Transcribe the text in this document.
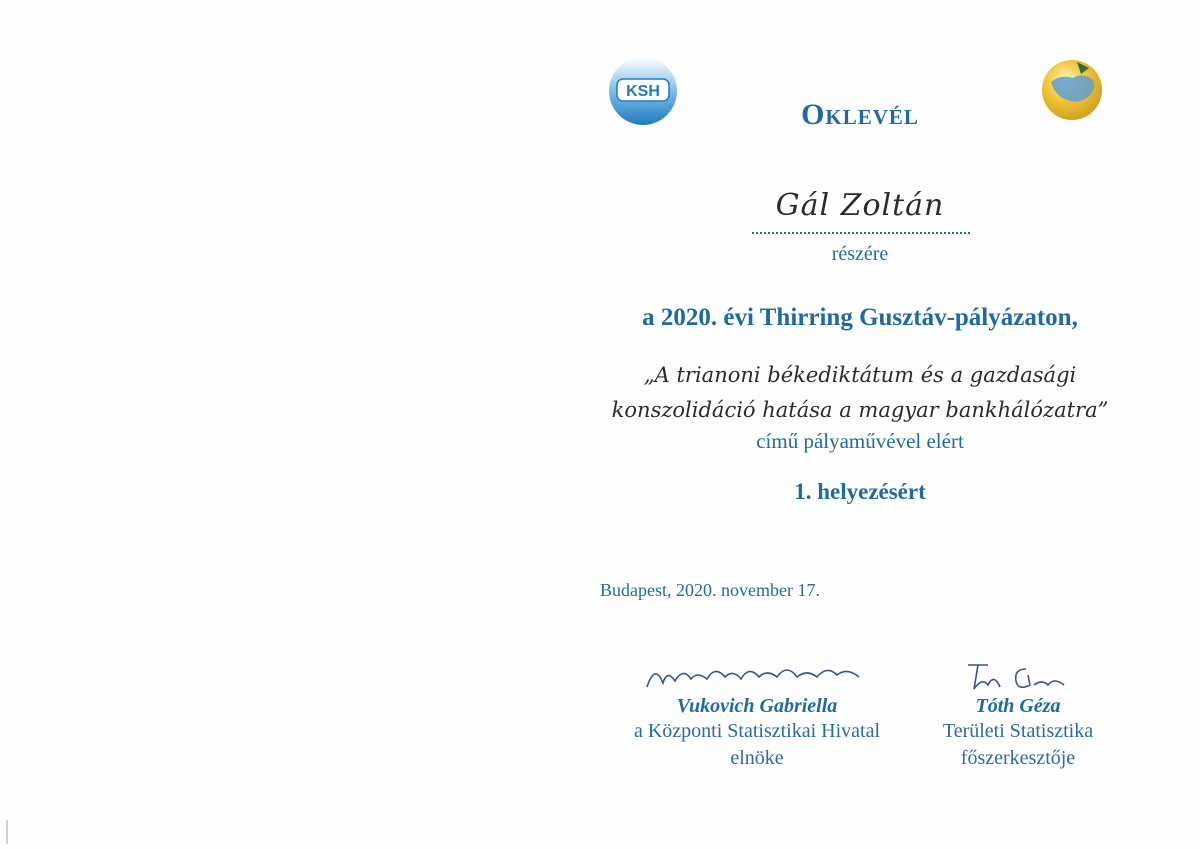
KSH
Oklevél
Gál Zoltán
részére
a 2020. évi Thirring Gusztáv-pályázaton,
„A trianoni békediktátum és a gazdasági
konszolidáció hatása a magyar bankhálózatra”
című pályaművével elért
1. helyezésért
Budapest, 2020. november 17.
Vukovich Gabriella
a Központi Statisztikai Hivatal
elnöke
Tóth Géza
Területi Statisztika
főszerkesztője
